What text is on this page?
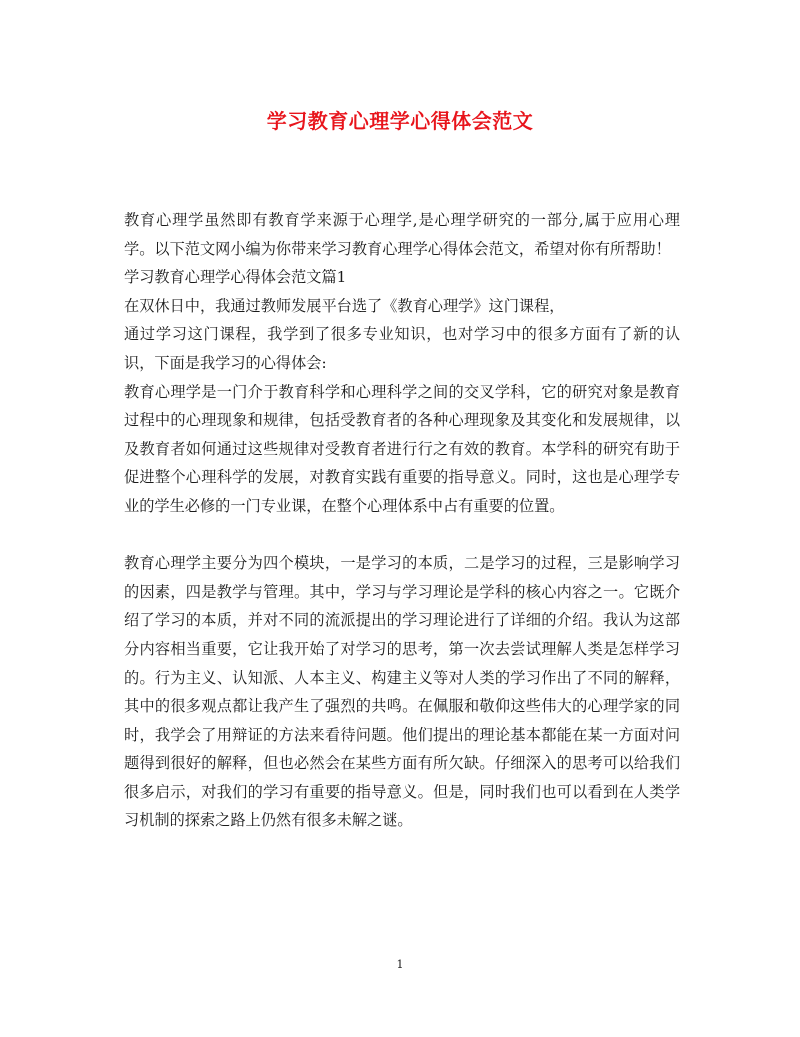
学习教育心理学心得体会范文

教育心理学虽然即有教育学来源于心理学,是心理学研究的一部分,属于应用心理学。以下范文网小编为你带来学习教育心理学心得体会范文，希望对你有所帮助！

学习教育心理学心得体会范文篇1

在双休日中，我通过教师发展平台选了《教育心理学》这门课程，

通过学习这门课程，我学到了很多专业知识，也对学习中的很多方面有了新的认识，下面是我学习的心得体会:

教育心理学是一门介于教育科学和心理科学之间的交叉学科，它的研究对象是教育过程中的心理现象和规律，包括受教育者的各种心理现象及其变化和发展规律，以及教育者如何通过这些规律对受教育者进行行之有效的教育。本学科的研究有助于促进整个心理科学的发展，对教育实践有重要的指导意义。同时，这也是心理学专业的学生必修的一门专业课，在整个心理体系中占有重要的位置。

教育心理学主要分为四个模块，一是学习的本质，二是学习的过程，三是影响学习的因素，四是教学与管理。其中，学习与学习理论是学科的核心内容之一。它既介绍了学习的本质，并对不同的流派提出的学习理论进行了详细的介绍。我认为这部分内容相当重要，它让我开始了对学习的思考，第一次去尝试理解人类是怎样学习的。行为主义、认知派、人本主义、构建主义等对人类的学习作出了不同的解释，其中的很多观点都让我产生了强烈的共鸣。在佩服和敬仰这些伟大的心理学家的同时，我学会了用辩证的方法来看待问题。他们提出的理论基本都能在某一方面对问题得到很好的解释，但也必然会在某些方面有所欠缺。仔细深入的思考可以给我们很多启示，对我们的学习有重要的指导意义。但是，同时我们也可以看到在人类学习机制的探索之路上仍然有很多未解之谜。

1
